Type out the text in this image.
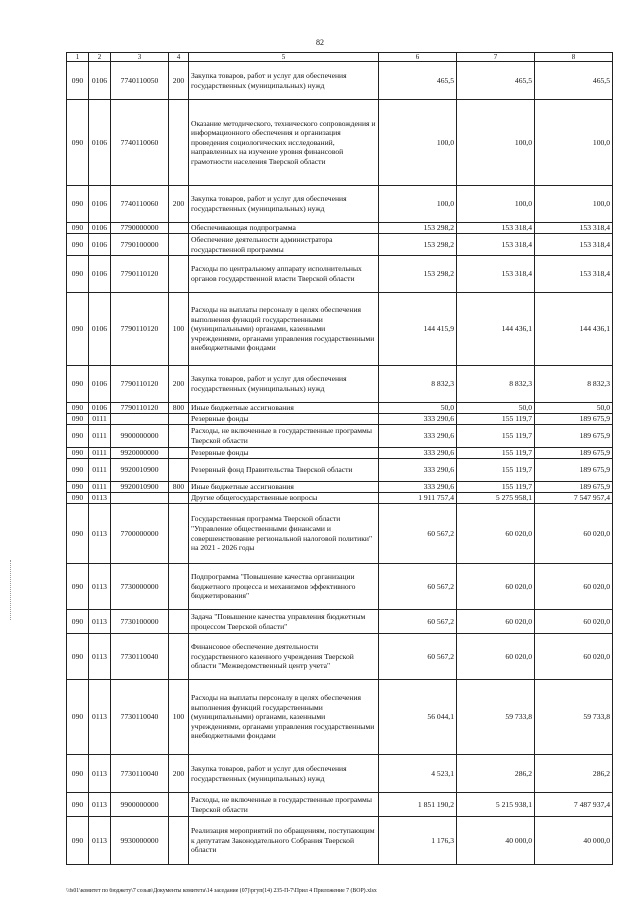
82
1	2	3	4	5	6	7	8
090	0106	7740110050	200	Закупка товаров, работ и услуг для обеспечения государственных (муниципальных) нужд	465,5	465,5	465,5
090	0106	7740110060		Оказание методического, технического сопровождения и информационного обеспечения и организация проведения социологических исследований, направленных на изучение уровня финансовой грамотности населения Тверской области	100,0	100,0	100,0
090	0106	7740110060	200	Закупка товаров, работ и услуг для обеспечения государственных (муниципальных) нужд	100,0	100,0	100,0
090	0106	7790000000		Обеспечивающая подпрограмма	153 298,2	153 318,4	153 318,4
090	0106	7790100000		Обеспечение деятельности администратора государственной программы	153 298,2	153 318,4	153 318,4
090	0106	7790110120		Расходы по центральному аппарату исполнительных органов государственной власти Тверской области	153 298,2	153 318,4	153 318,4
090	0106	7790110120	100	Расходы на выплаты персоналу в целях обеспечения выполнения функций государственными (муниципальными) органами, казенными учреждениями, органами управления государственными внебюджетными фондами	144 415,9	144 436,1	144 436,1
090	0106	7790110120	200	Закупка товаров, работ и услуг для обеспечения государственных (муниципальных) нужд	8 832,3	8 832,3	8 832,3
090	0106	7790110120	800	Иные бюджетные ассигнования	50,0	50,0	50,0
090	0111			Резервные фонды	333 290,6	155 119,7	189 675,9
090	0111	9900000000		Расходы, не включенные в государственные программы Тверской области	333 290,6	155 119,7	189 675,9
090	0111	9920000000		Резервные фонды	333 290,6	155 119,7	189 675,9
090	0111	9920010900		Резервный фонд Правительства Тверской области	333 290,6	155 119,7	189 675,9
090	0111	9920010900	800	Иные бюджетные ассигнования	333 290,6	155 119,7	189 675,9
090	0113			Другие общегосударственные вопросы	1 911 757,4	5 275 958,1	7 547 957,4
090	0113	7700000000		Государственная программа Тверской области "Управление общественными финансами и совершенствование региональной налоговой политики" на 2021 - 2026 годы	60 567,2	60 020,0	60 020,0
090	0113	7730000000		Подпрограмма "Повышение качества организации бюджетного процесса и механизмов эффективного бюджетирования"	60 567,2	60 020,0	60 020,0
090	0113	7730100000		Задача "Повышение качества управления бюджетным процессом Тверской области"	60 567,2	60 020,0	60 020,0
090	0113	7730110040		Финансовое обеспечение деятельности государственного казенного учреждения Тверской области "Межведомственный центр учета"	60 567,2	60 020,0	60 020,0
090	0113	7730110040	100	Расходы на выплаты персоналу в целях обеспечения выполнения функций государственными (муниципальными) органами, казенными учреждениями, органами управления государственными внебюджетными фондами	56 044,1	59 733,8	59 733,8
090	0113	7730110040	200	Закупка товаров, работ и услуг для обеспечения государственных (муниципальных) нужд	4 523,1	286,2	286,2
090	0113	9900000000		Расходы, не включенные в государственные программы Тверской области	1 851 190,2	5 215 938,1	7 487 937,4
090	0113	9930000000		Реализация мероприятий по обращениям, поступающим к депутатам Законодательного Собрания Тверской области	1 176,3	40 000,0	40 000,0
\\fs01\комитет по бюджету\7 созыв\Документы комитета\14 заседание (07)\ргуп(14) 235-П-7\Прил 4 Приложение 7 (ВОР).xlsx
